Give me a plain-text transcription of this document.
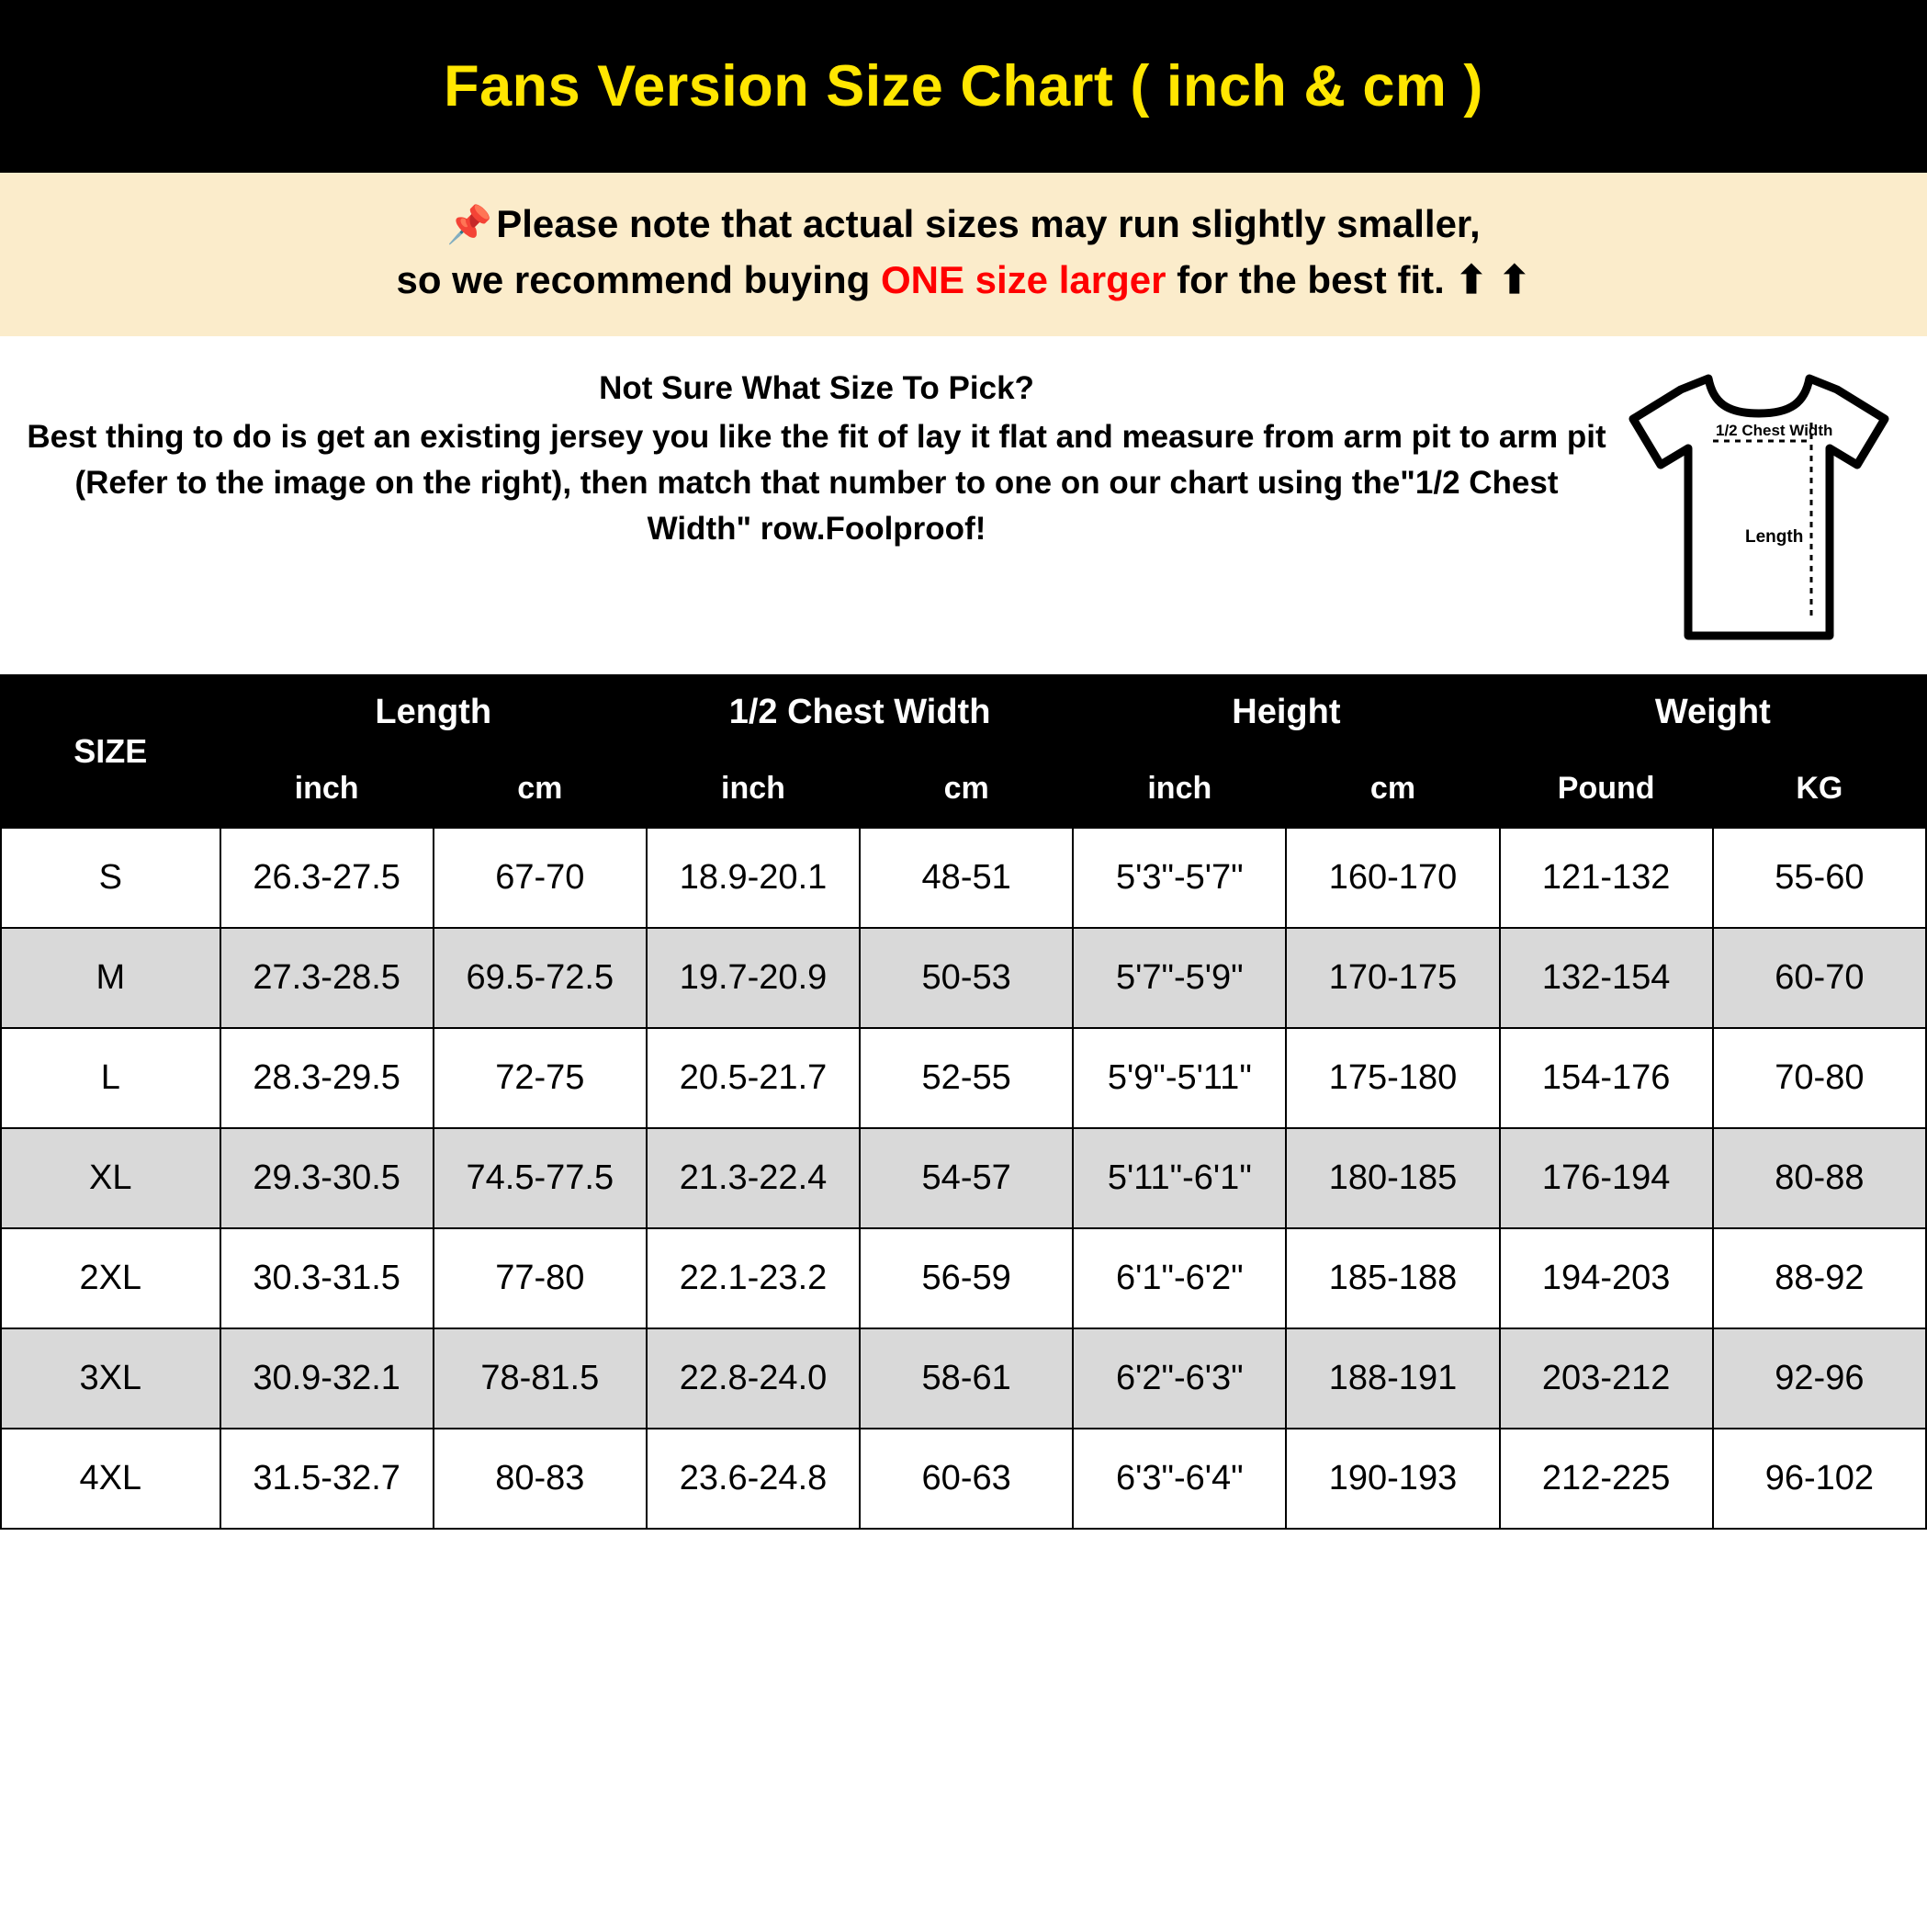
Fans Version Size Chart ( inch & cm )
📌Please note that actual sizes may run slightly smaller,
so we recommend buying ONE size larger for the best fit. ⬆ ⬆
Not Sure What Size To Pick?
Best thing to do is get an existing jersey you like the fit of lay it flat and measure from arm pit to arm pit (Refer to the image on the right), then match that number to one on our chart using the"1/2 Chest Width" row.Foolproof!
1/2 Chest Width
Length
SIZE	Length		1/2 Chest Width		Height		Weight	
	inch	cm	inch	cm	inch	cm	Pound	KG
S	26.3-27.5	67-70	18.9-20.1	48-51	5'3"-5'7"	160-170	121-132	55-60
M	27.3-28.5	69.5-72.5	19.7-20.9	50-53	5'7"-5'9"	170-175	132-154	60-70
L	28.3-29.5	72-75	20.5-21.7	52-55	5'9"-5'11"	175-180	154-176	70-80
XL	29.3-30.5	74.5-77.5	21.3-22.4	54-57	5'11"-6'1"	180-185	176-194	80-88
2XL	30.3-31.5	77-80	22.1-23.2	56-59	6'1"-6'2"	185-188	194-203	88-92
3XL	30.9-32.1	78-81.5	22.8-24.0	58-61	6'2"-6'3"	188-191	203-212	92-96
4XL	31.5-32.7	80-83	23.6-24.8	60-63	6'3"-6'4"	190-193	212-225	96-102
